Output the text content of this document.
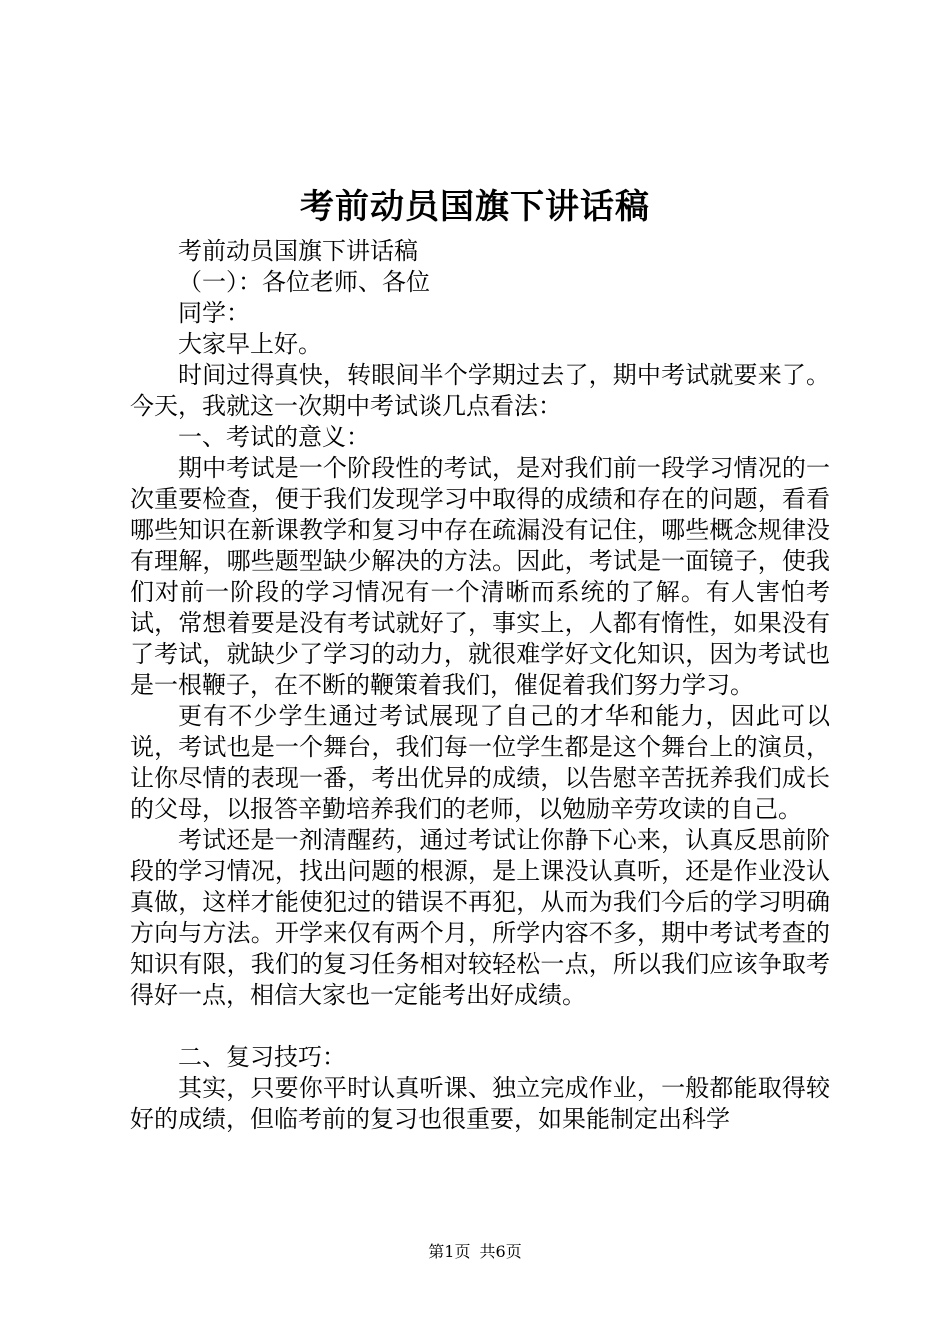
考前动员国旗下讲话稿

考前动员国旗下讲话稿

（一）：各位老师、各位

同学：

大家早上好。

时间过得真快，转眼间半个学期过去了，期中考试就要来了。今天，我就这一次期中考试谈几点看法：

一、考试的意义：

期中考试是一个阶段性的考试，是对我们前一段学习情况的一次重要检查，便于我们发现学习中取得的成绩和存在的问题，看看哪些知识在新课教学和复习中存在疏漏没有记住，哪些概念规律没有理解，哪些题型缺少解决的方法。因此，考试是一面镜子，使我们对前一阶段的学习情况有一个清晰而系统的了解。有人害怕考试，常想着要是没有考试就好了，事实上，人都有惰性，如果没有了考试，就缺少了学习的动力，就很难学好文化知识，因为考试也是一根鞭子，在不断的鞭策着我们，催促着我们努力学习。

更有不少学生通过考试展现了自己的才华和能力，因此可以说，考试也是一个舞台，我们每一位学生都是这个舞台上的演员，让你尽情的表现一番，考出优异的成绩，以告慰辛苦抚养我们成长的父母，以报答辛勤培养我们的老师，以勉励辛劳攻读的自己。

考试还是一剂清醒药，通过考试让你静下心来，认真反思前阶段的学习情况，找出问题的根源，是上课没认真听，还是作业没认真做，这样才能使犯过的错误不再犯，从而为我们今后的学习明确方向与方法。开学来仅有两个月，所学内容不多，期中考试考查的知识有限，我们的复习任务相对较轻松一点，所以我们应该争取考得好一点，相信大家也一定能考出好成绩。

二、复习技巧：

其实，只要你平时认真听课、独立完成作业，一般都能取得较好的成绩，但临考前的复习也很重要，如果能制定出科学

第1页 共6页
